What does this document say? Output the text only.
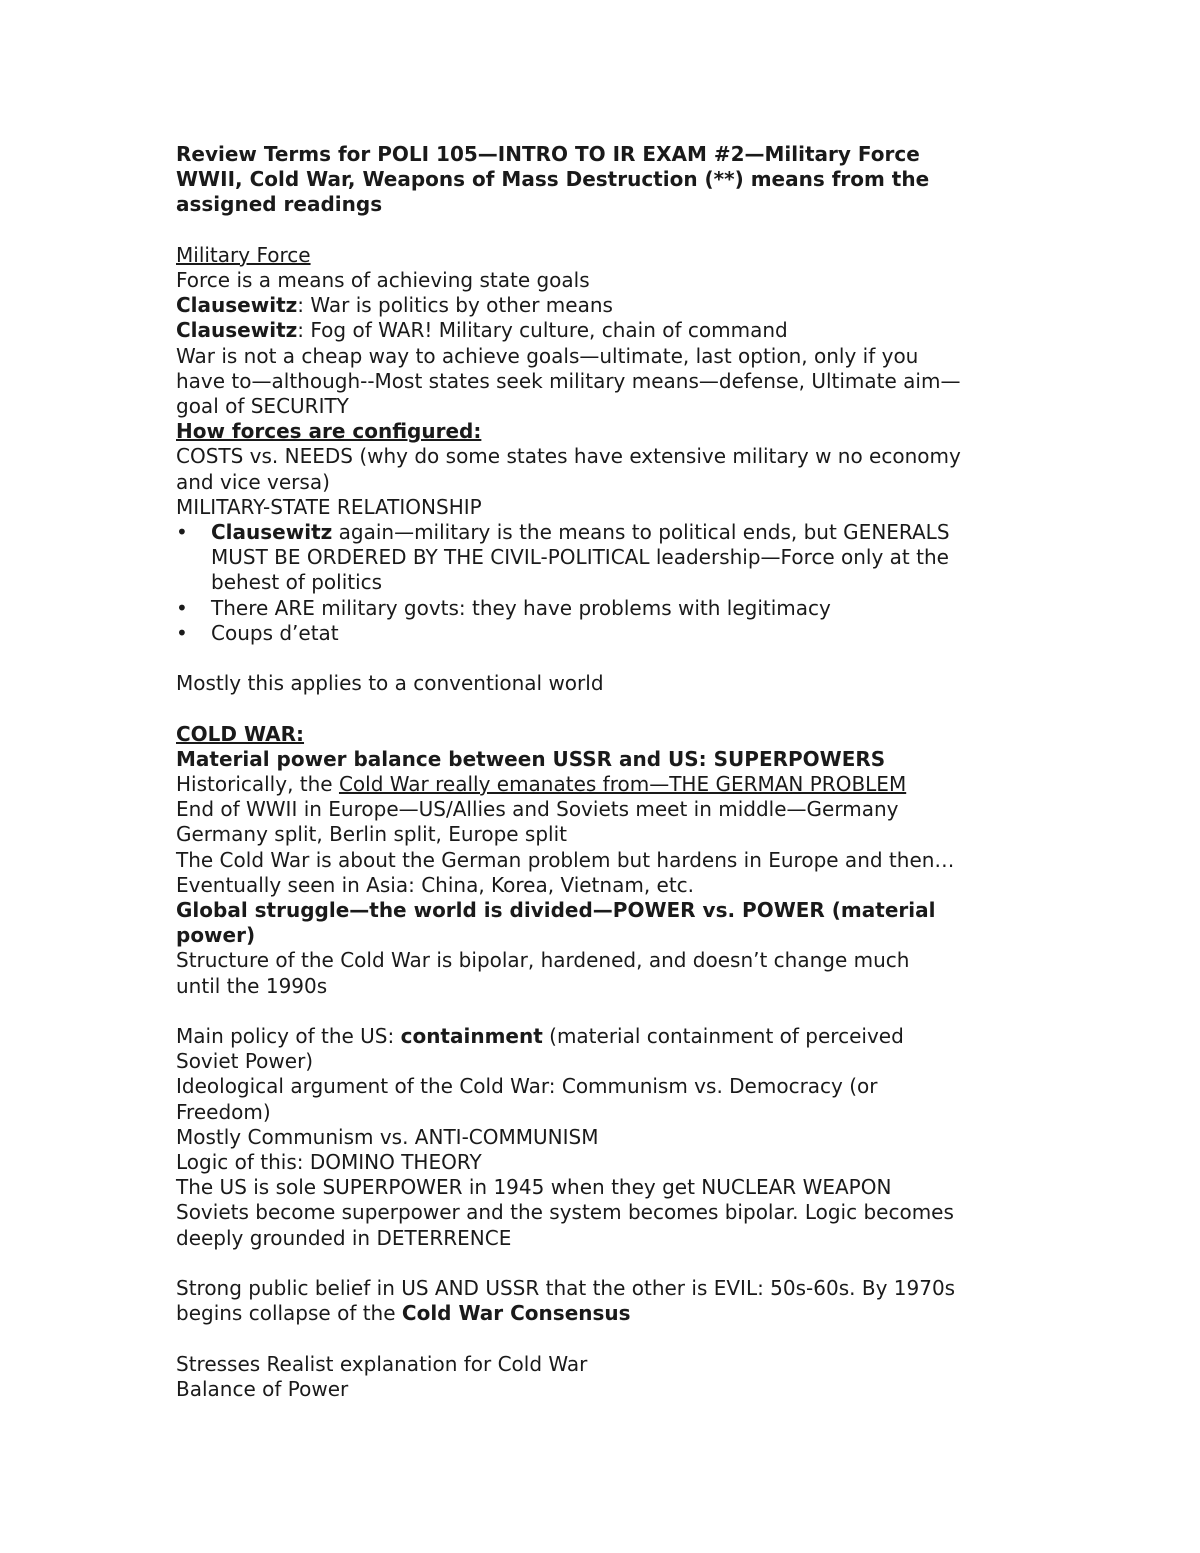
Review Terms for POLI 105—INTRO TO IR EXAM #2—Military Force
WWII, Cold War, Weapons of Mass Destruction (**) means from the
assigned readings
Military Force
Force is a means of achieving state goals
Clausewitz: War is politics by other means
Clausewitz: Fog of WAR! Military culture, chain of command
War is not a cheap way to achieve goals—ultimate, last option, only if you
have to—although--Most states seek military means—defense, Ultimate aim—
goal of SECURITY
How forces are configured:
COSTS vs. NEEDS (why do some states have extensive military w no economy
and vice versa)
MILITARY-STATE RELATIONSHIP
• Clausewitz again—military is the means to political ends, but GENERALS
MUST BE ORDERED BY THE CIVIL-POLITICAL leadership—Force only at the
behest of politics
• There ARE military govts: they have problems with legitimacy
• Coups d’etat
Mostly this applies to a conventional world
COLD WAR:
Material power balance between USSR and US: SUPERPOWERS
Historically, the Cold War really emanates from—THE GERMAN PROBLEM
End of WWII in Europe—US/Allies and Soviets meet in middle—Germany
Germany split, Berlin split, Europe split
The Cold War is about the German problem but hardens in Europe and then…
Eventually seen in Asia: China, Korea, Vietnam, etc.
Global struggle—the world is divided—POWER vs. POWER (material
power)
Structure of the Cold War is bipolar, hardened, and doesn’t change much
until the 1990s
Main policy of the US: containment (material containment of perceived
Soviet Power)
Ideological argument of the Cold War: Communism vs. Democracy (or
Freedom)
Mostly Communism vs. ANTI-COMMUNISM
Logic of this: DOMINO THEORY
The US is sole SUPERPOWER in 1945 when they get NUCLEAR WEAPON
Soviets become superpower and the system becomes bipolar. Logic becomes
deeply grounded in DETERRENCE
Strong public belief in US AND USSR that the other is EVIL: 50s-60s. By 1970s
begins collapse of the Cold War Consensus
Stresses Realist explanation for Cold War
Balance of Power
